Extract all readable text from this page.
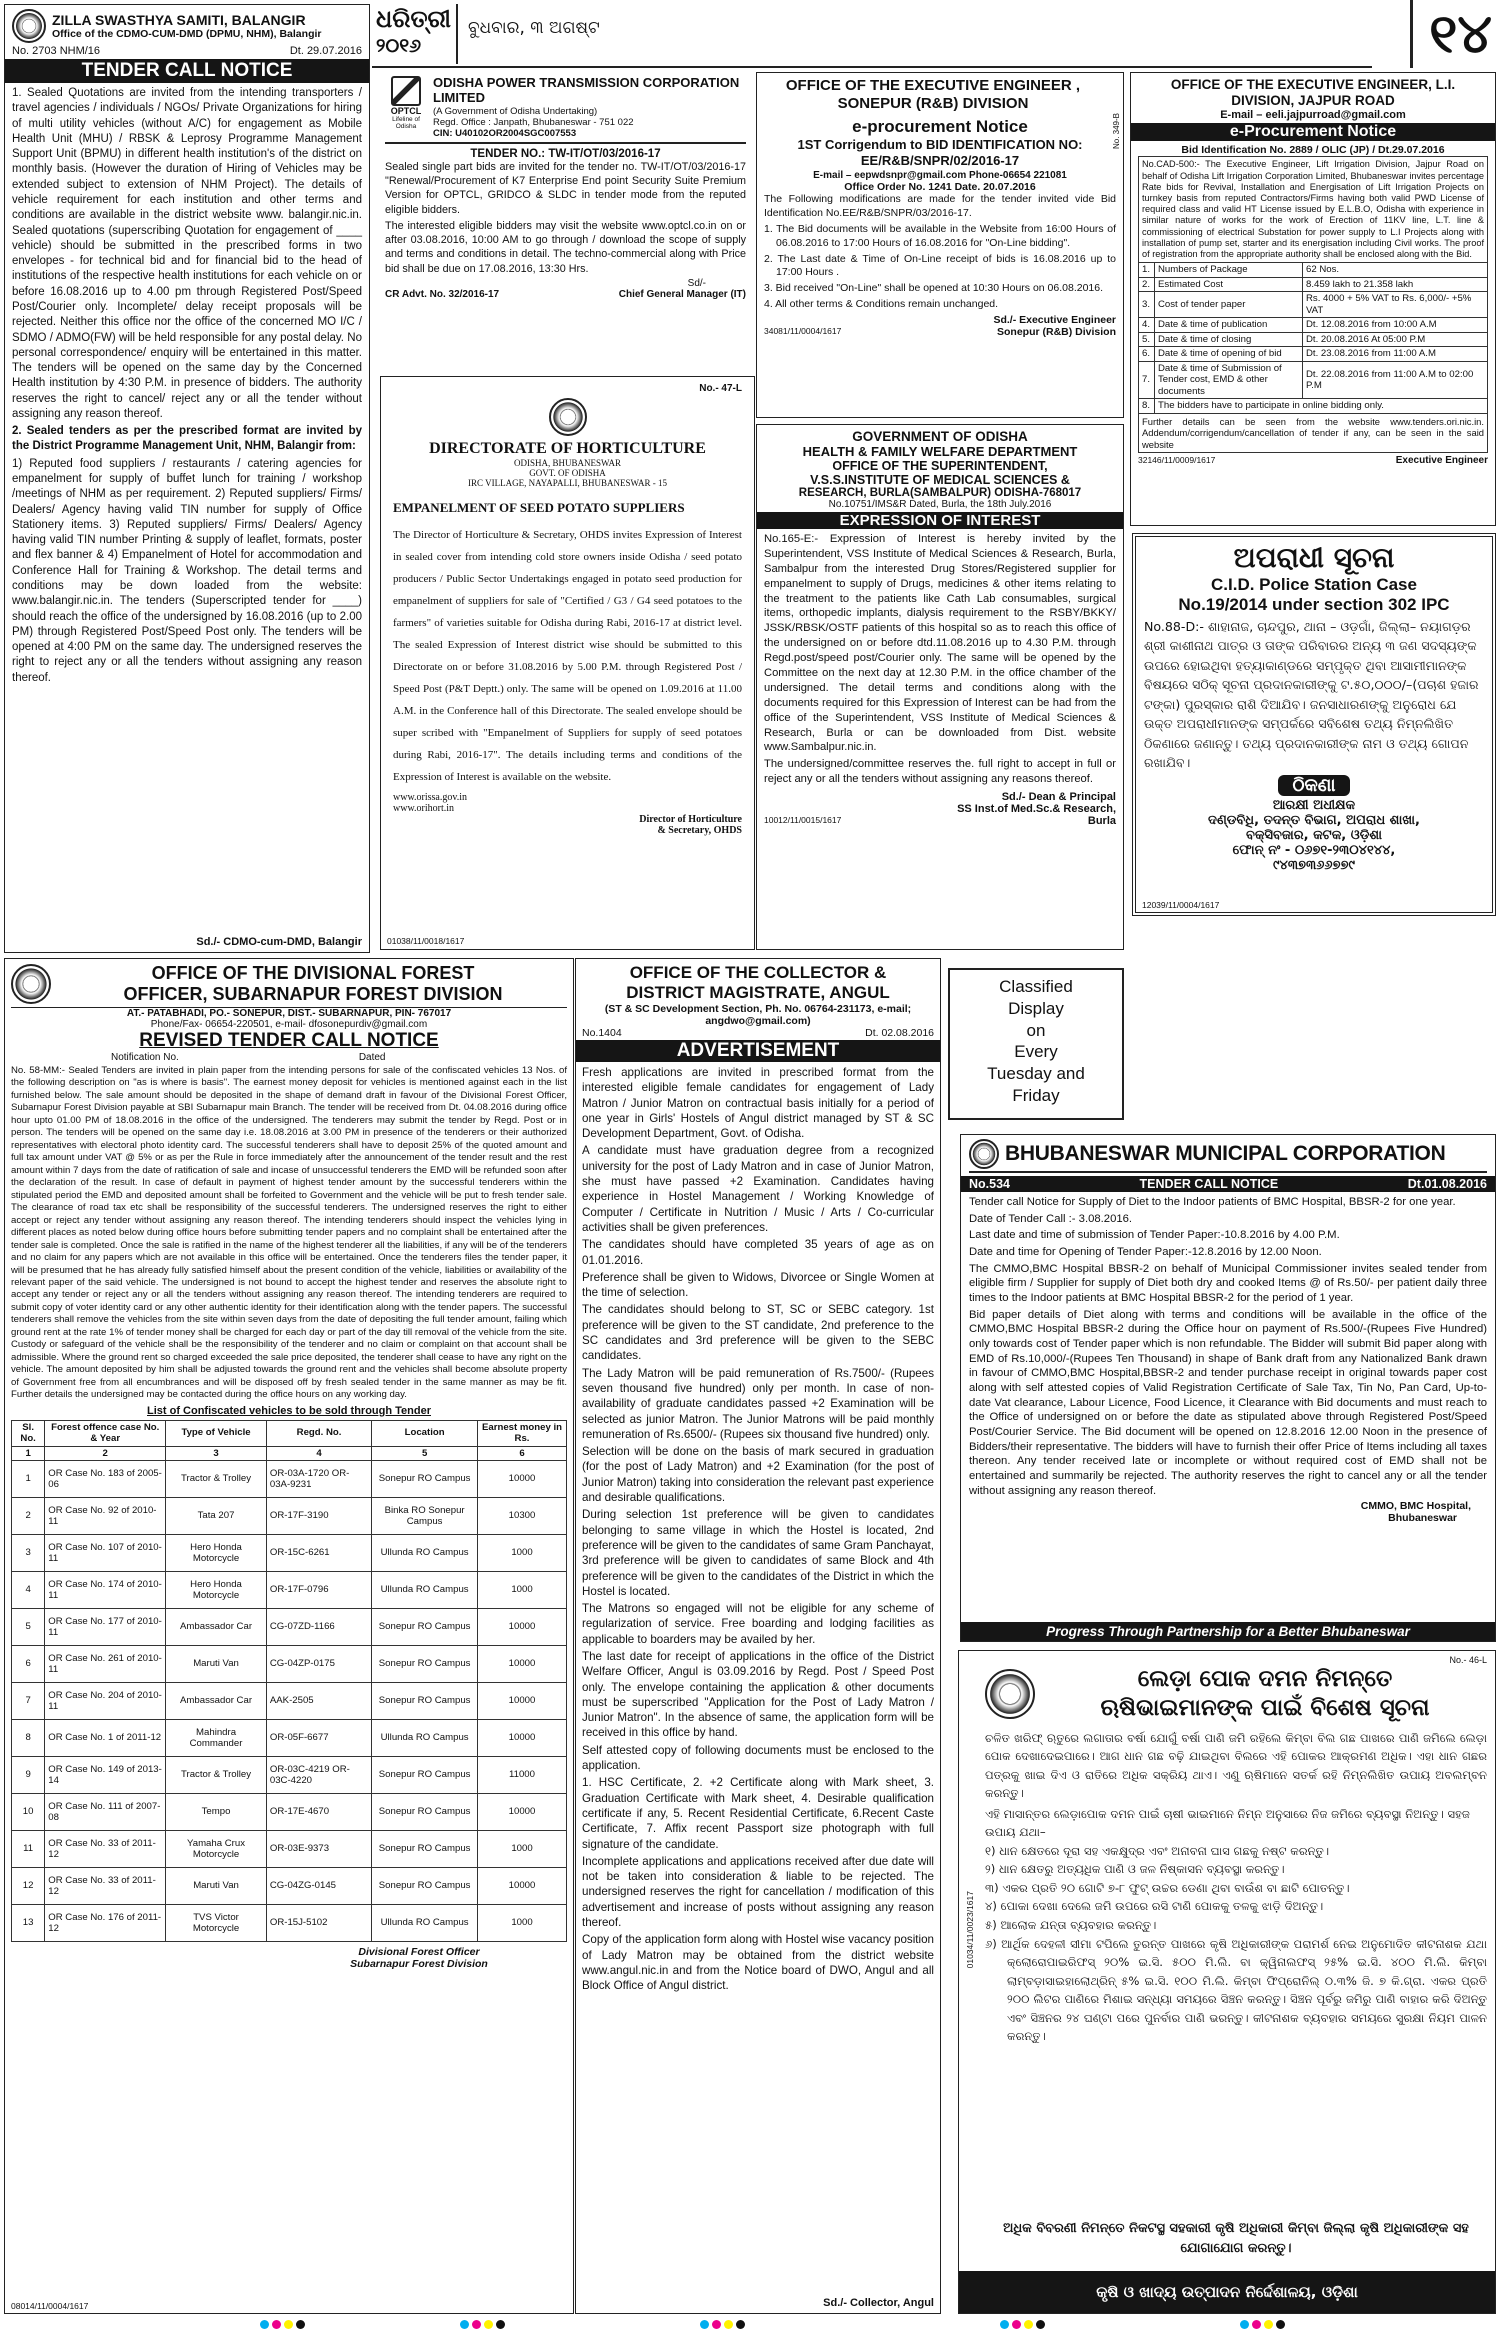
ଧରିତ୍ରୀ
୨୦୧୬
ବୁଧବାର, ୩ ଅଗଷ୍ଟ	୧୪
ZILLA SWASTHYA SAMITI, BALANGIR
Office of the CDMO-CUM-DMD (DPMU, NHM), Balangir
No. 2703 NHM/16	Dt. 29.07.2016
TENDER CALL NOTICE
1. Sealed Quotations are invited from the intending transporters / travel agencies / individuals / NGOs/ Private Organizations for hiring of multi utility vehicles (without A/C) for engagement as Mobile Health Unit (MHU) / RBSK & Leprosy Programme Management Support Unit (BPMU) in different health institution's of the district on monthly basis. (However the duration of Hiring of Vehicles may be extended subject to extension of NHM Project). The details of vehicle requirement for each institution and other terms and conditions are available in the district website www. balangir.nic.in. Sealed quotations (superscribing Quotation for engagement of ____ vehicle) should be submitted in the prescribed forms in two envelopes - for technical bid and for financial bid to the head of institutions of the respective health institutions for each vehicle on or before 16.08.2016 up to 4.00 pm through Registered Post/Speed Post/Courier only. Incomplete/ delay receipt proposals will be rejected. Neither this office nor the office of the concerned MO I/C / SDMO / ADMO(FW) will be held responsible for any postal delay. No personal correspondence/ enquiry will be entertained in this matter. The tenders will be opened on the same day by the Concerned Health institution by 4:30 P.M. in presence of bidders. The authority reserves the right to cancel/ reject any or all the tender without assigning any reason thereof.
2. Sealed tenders as per the prescribed format are invited by the District Programme Management Unit, NHM, Balangir from:
1) Reputed food suppliers / restaurants / catering agencies for empanelment for supply of buffet lunch for training / workshop /meetings of NHM as per requirement. 2) Reputed suppliers/ Firms/ Dealers/ Agency having valid TIN number for supply of Office Stationery items. 3) Reputed suppliers/ Firms/ Dealers/ Agency having valid TIN number Printing & supply of leaflet, formats, poster and flex banner & 4) Empanelment of Hotel for accommodation and Conference Hall for Training & Workshop. The detail terms and conditions may be down loaded from the website: www.balangir.nic.in. The tenders (Superscripted tender for ____) should reach the office of the undersigned by 16.08.2016 (up to 2.00 PM) through Registered Post/Speed Post only. The tenders will be opened at 4:00 PM on the same day. The undersigned reserves the right to reject any or all the tenders without assigning any reason thereof.
Sd./- CDMO-cum-DMD, Balangir
OPTCL
Lifeline of Odisha
ODISHA POWER TRANSMISSION CORPORATION LIMITED
(A Government of Odisha Undertaking)
Regd. Office : Janpath, Bhubaneswar - 751 022
CIN: U40102OR2004SGC007553
TENDER NO.: TW-IT/OT/03/2016-17
Sealed single part bids are invited for the tender no. TW-IT/OT/03/2016-17 "Renewal/Procurement of K7 Enterprise End point Security Suite Premium Version for OPTCL, GRIDCO & SLDC in tender mode from the reputed eligible bidders.
The interested eligible bidders may visit the website www.optcl.co.in on or after 03.08.2016, 10:00 AM to go through / download the scope of supply and terms and conditions in detail. The techno-commercial along with Price bid shall be due on 17.08.2016, 13:30 Hrs.
Sd/-
CR Advt. No. 32/2016-17	Chief General Manager (IT)
No.- 47-L
DIRECTORATE OF HORTICULTURE
ODISHA, BHUBANESWAR
GOVT. OF ODISHA
IRC VILLAGE, NAYAPALLI, BHUBANESWAR - 15
EMPANELMENT OF SEED POTATO SUPPLIERS
The Director of Horticulture & Secretary, OHDS invites Expression of Interest in sealed cover from intending cold store owners inside Odisha / seed potato producers / Public Sector Undertakings engaged in potato seed production for empanelment of suppliers for sale of "Certified / G3 / G4 seed potatoes to the farmers" of varieties suitable for Odisha during Rabi, 2016-17 at district level. The sealed Expression of Interest district wise should be submitted to this Directorate on or before 31.08.2016 by 5.00 P.M. through Registered Post / Speed Post (P&T Deptt.) only. The same will be opened on 1.09.2016 at 11.00 A.M. in the Conference hall of this Directorate. The sealed envelope should be super scribed with "Empanelment of Suppliers for supply of seed potatoes during Rabi, 2016-17". The details including terms and conditions of the Expression of Interest is available on the website.
www.orissa.gov.in
www.orihort.in
Director of Horticulture
& Secretary, OHDS
01038/11/0018/1617
OFFICE OF THE EXECUTIVE ENGINEER , SONEPUR (R&B) DIVISION
No. 349-B
e-procurement Notice
1ST Corrigendum to BID IDENTIFICATION NO: EE/R&B/SNPR/02/2016-17
E-mail – eepwdsnpr@gmail.com Phone-06654 221081
Office Order No. 1241 Date. 20.07.2016
The Following modifications are made for the tender invited vide Bid Identification No.EE/R&B/SNPR/03/2016-17.
1. The Bid documents will be available in the Website from 16:00 Hours of 06.08.2016 to 17:00 Hours of 16.08.2016 for "On-Line bidding".
2. The Last date & Time of On-Line receipt of bids is 16.08.2016 up to 17:00 Hours .
3. Bid received "On-Line" shall be opened at 10:30 Hours on 06.08.2016.
4. All other terms & Conditions remain unchanged.
Sd./- Executive Engineer
34081/11/0004/1617	Sonepur (R&B) Division
GOVERNMENT OF ODISHA
HEALTH & FAMILY WELFARE DEPARTMENT
OFFICE OF THE SUPERINTENDENT,
V.S.S.INSTITUTE OF MEDICAL SCIENCES &
RESEARCH, BURLA(SAMBALPUR) ODISHA-768017
No.10751/IMS&R Dated, Burla, the 18th July.2016
EXPRESSION OF INTEREST
No.165-E:- Expression of Interest is hereby invited by the Superintendent, VSS Institute of Medical Sciences & Research, Burla, Sambalpur from the interested Drug Stores/Registered supplier for empanelment to supply of Drugs, medicines & other items relating to the treatment to the patients like Cath Lab consumables, surgical items, orthopedic implants, dialysis requirement to the RSBY/BKKY/ JSSK/RBSK/OSTF patients of this hospital so as to reach this office of the undersigned on or before dtd.11.08.2016 up to 4.30 P.M. through Regd.post/speed post/Courier only. The same will be opened by the Committee on the next day at 12.30 P.M. in the office chamber of the undersigned. The detail terms and conditions along with the documents required for this Expression of Interest can be had from the office of the Superintendent, VSS Institute of Medical Sciences & Research, Burla or can be downloaded from Dist. website www.Sambalpur.nic.in.
The undersigned/committee reserves the. full right to accept in full or reject any or all the tenders without assigning any reasons thereof.
Sd./- Dean & Principal
SS Inst.of Med.Sc.& Research,
10012/11/0015/1617	Burla
OFFICE OF THE EXECUTIVE ENGINEER, L.I. DIVISION, JAJPUR ROAD
E-mail – eeli.jajpurroad@gmail.com
e-Procurement Notice
Bid Identification No. 2889 / OLIC (JP) / Dt.29.07.2016
No.CAD-500:- The Executive Engineer, Lift Irrigation Division, Jajpur Road on behalf of Odisha Lift Irrigation Corporation Limited, Bhubaneswar invites percentage Rate bids for Revival, Installation and Energisation of Lift Irrigation Projects on turnkey basis from reputed Contractors/Firms having both valid PWD License of required class and valid HT License issued by E.L.B.O, Odisha with experience in similar nature of works for the work of Erection of 11KV line, L.T. line & commissioning of electrical Substation for power supply to L.I Projects along with installation of pump set, starter and its energisation including Civil works. The proof of registration from the appropriate authority shall be enclosed along with the Bid.
1.	Numbers of Package	62 Nos.
2.	Estimated Cost	8.459 lakh to 21.358 lakh
3.	Cost of tender paper	Rs. 4000 + 5% VAT to Rs. 6,000/- +5% VAT
4.	Date & time of publication	Dt. 12.08.2016 from 10:00 A.M
5.	Date & time of closing	Dt. 20.08.2016 At 05:00 P.M
6.	Date & time of opening of bid	Dt. 23.08.2016 from 11:00 A.M
7.	Date & time of Submission of Tender cost, EMD & other documents	Dt. 22.08.2016 from 11:00 A.M to 02:00 P.M
8.	The bidders have to participate in online bidding only.	
Further details can be seen from the website www.tenders.ori.nic.in. Addendum/corrigendum/cancellation of tender if any, can be seen in the said website
32146/11/0009/1617	Executive Engineer
ଅପରାଧୀ ସୂଚନା
C.I.D. Police Station Case
No.19/2014 under section 302 IPC
No.88-D:- ଶାହାନାଜ, ଚାନ୍ଦପୁର, ଥାନା – ଓଡ଼ଗାଁ, ଜିଲ୍ଲା– ନୟାଗଡ଼ର ଶ୍ରୀ କାଶୀନାଥ ପାତ୍ର ଓ ତାଙ୍କ ପରିବାରର ଅନ୍ୟ ୩ ଜଣ ସଦସ୍ୟଙ୍କ ଉପରେ ହୋଇଥିବା ହତ୍ୟାକାଣ୍ଡରେ ସମ୍ପୃକ୍ତ ଥିବା ଆସାମୀମାନଙ୍କ ବିଷୟରେ ସଠିକ୍ ସୂଚନା ପ୍ରଦାନକାରୀଙ୍କୁ ଟ.୫୦,୦୦୦/–(ପଚାଶ ହଜାର ଟଙ୍କା) ପୁରସ୍କାର ରାଶି ଦିଆଯିବ। ଜନସାଧାରଣଙ୍କୁ ଅନୁରୋଧ ଯେ ଉକ୍ତ ଅପରାଧୀମାନଙ୍କ ସମ୍ପର୍କରେ ସବିଶେଷ ତଥ୍ୟ ନିମ୍ନଲିଖିତ ଠିକଣାରେ ଜଣାନ୍ତୁ। ତଥ୍ୟ ପ୍ରଦାନକାରୀଙ୍କ ନାମ ଓ ତଥ୍ୟ ଗୋପନ ରଖାଯିବ।
ଠିକଣା
ଆରକ୍ଷୀ ଅଧୀକ୍ଷକ
ଦଣ୍ଡବିଧି, ତଦନ୍ତ ବିଭାଗ, ଅପରାଧ ଶାଖା,
ବକ୍ସିବଜାର, କଟକ, ଓଡ଼ିଶା
ଫୋନ୍ ନଂ - ୦୬୭୧-୨୩୦୪୧୪୪,
୯୪୩୭୩୬୬୭୭୯
12039/11/0004/1617
OFFICE OF THE DIVISIONAL FOREST
OFFICER, SUBARNAPUR FOREST DIVISION
AT.- PATABHADI, PO.- SONEPUR, DIST.- SUBARNAPUR, PIN- 767017
Phone/Fax- 06654-220501, e-mail- dfosonepurdiv@gmail.com
REVISED TENDER CALL NOTICE
Notification No.	Dated
No. 58-MM:- Sealed Tenders are invited in plain paper from the intending persons for sale of the confiscated vehicles 13 Nos. of the following description on "as is where is basis". The earnest money deposit for vehicles is mentioned against each in the list furnished below. The sale amount should be deposited in the shape of demand draft in favour of the Divisional Forest Officer, Subarnapur Forest Division payable at SBI Subarnapur main Branch. The tender will be received from Dt. 04.08.2016 during office hour upto 01.00 PM of 18.08.2016 in the office of the undersigned. The tenderers may submit the tender by Regd. Post or in person. The tenders will be opened on the same day i.e. 18.08.2016 at 3.00 PM in presence of the tenderers or their authorized representatives with electoral photo identity card. The successful tenderers shall have to deposit 25% of the quoted amount and full tax amount under VAT @ 5% or as per the Rule in force immediately after the announcement of the tender result and the rest amount within 7 days from the date of ratification of sale and incase of unsuccessful tenderers the EMD will be refunded soon after the declaration of the result. In case of default in payment of highest tender amount by the successful tenderers within the stipulated period the EMD and deposited amount shall be forfeited to Government and the vehicle will be put to fresh tender sale. The clearance of road tax etc shall be responsibility of the successful tenderers. The undersigned reserves the right to either accept or reject any tender without assigning any reason thereof. The intending tenderers should inspect the vehicles lying in different places as noted below during office hours before submitting tender papers and no complaint shall be entertained after the tender sale is completed. Once the sale is ratified in the name of the highest tenderer all the liabilities, if any will be of the tenderers and no claim for any papers which are not available in this office will be entertained. Once the tenderers files the tender paper, it will be presumed that he has already fully satisfied himself about the present condition of the vehicle, liabilities or availability of the relevant paper of the said vehicle. The undersigned is not bound to accept the highest tender and reserves the absolute right to accept any tender or reject any or all the tenders without assigning any reason thereof. The intending tenderers are required to submit copy of voter identity card or any other authentic identity for their identification along with the tender papers. The successful tenderers shall remove the vehicles from the site within seven days from the date of depositing the full tender amount, failing which ground rent at the rate 1% of tender money shall be charged for each day or part of the day till removal of the vehicle from the site. Custody or safeguard of the vehicle shall be the responsibility of the tenderer and no claim or complaint on that account shall be admissible. Where the ground rent so charged exceeded the sale price deposited, the tenderer shall cease to have any right on the vehicle. The amount deposited by him shall be adjusted towards the ground rent and the vehicles shall become absolute property of Government free from all encumbrances and will be disposed off by fresh sealed tender in the same manner as may be fit. Further details the undersigned may be contacted during the office hours on any working day.
List of Confiscated vehicles to be sold through Tender
Sl. No.	Forest offence case No. & Year	Type of Vehicle	Regd. No.	Location	Earnest money in Rs.
1	2	3	4	5	6
1	OR Case No. 183 of 2005-06	Tractor & Trolley	OR-03A-1720 OR-03A-9231	Sonepur RO Campus	10000
2	OR Case No. 92 of 2010-11	Tata 207	OR-17F-3190	Binka RO Sonepur Campus	10300
3	OR Case No. 107 of 2010-11	Hero Honda Motorcycle	OR-15C-6261	Ullunda RO Campus	1000
4	OR Case No. 174 of 2010-11	Hero Honda Motorcycle	OR-17F-0796	Ullunda RO Campus	1000
5	OR Case No. 177 of 2010-11	Ambassador Car	CG-07ZD-1166	Sonepur RO Campus	10000
6	OR Case No. 261 of 2010-11	Maruti Van	CG-04ZP-0175	Sonepur RO Campus	10000
7	OR Case No. 204 of 2010-11	Ambassador Car	AAK-2505	Sonepur RO Campus	10000
8	OR Case No. 1 of 2011-12	Mahindra Commander	OR-05F-6677	Ullunda RO Campus	10000
9	OR Case No. 149 of 2013-14	Tractor & Trolley	OR-03C-4219 OR-03C-4220	Sonepur RO Campus	11000
10	OR Case No. 111 of 2007-08	Tempo	OR-17E-4670	Sonepur RO Campus	10000
11	OR Case No. 33 of 2011-12	Yamaha Crux Motorcycle	OR-03E-9373	Sonepur RO Campus	1000
12	OR Case No. 33 of 2011-12	Maruti Van	CG-04ZG-0145	Sonepur RO Campus	10000
13	OR Case No. 176 of 2011-12	TVS Victor Motorcycle	OR-15J-5102	Ullunda RO Campus	1000
Divisional Forest Officer
Subarnapur Forest Division
08014/11/0004/1617
OFFICE OF THE COLLECTOR &
DISTRICT MAGISTRATE, ANGUL
(ST & SC Development Section, Ph. No. 06764-231173, e-mail; angdwo@gmail.com)
No.1404	Dt. 02.08.2016
ADVERTISEMENT
Fresh applications are invited in prescribed format from the interested eligible female candidates for engagement of Lady Matron / Junior Matron on contractual basis initially for a period of one year in Girls' Hostels of Angul district managed by ST & SC Development Department, Govt. of Odisha.
A candidate must have graduation degree from a recognized university for the post of Lady Matron and in case of Junior Matron, she must have passed +2 Examination. Candidates having experience in Hostel Management / Working Knowledge of Computer / Certificate in Nutrition / Music / Arts / Co-curricular activities shall be given preferences.
The candidates should have completed 35 years of age as on 01.01.2016.
Preference shall be given to Widows, Divorcee or Single Women at the time of selection.
The candidates should belong to ST, SC or SEBC category. 1st preference will be given to the ST candidate, 2nd preference to the SC candidates and 3rd preference will be given to the SEBC candidates.
The Lady Matron will be paid remuneration of Rs.7500/- (Rupees seven thousand five hundred) only per month. In case of non-availability of graduate candidates passed +2 Examination will be selected as junior Matron. The Junior Matrons will be paid monthly remuneration of Rs.6500/- (Rupees six thousand five hundred) only.
Selection will be done on the basis of mark secured in graduation (for the post of Lady Matron) and +2 Examination (for the post of Junior Matron) taking into consideration the relevant past experience and desirable qualifications.
During selection 1st preference will be given to candidates belonging to same village in which the Hostel is located, 2nd preference will be given to the candidates of same Gram Panchayat, 3rd preference will be given to candidates of same Block and 4th preference will be given to the candidates of the District in which the Hostel is located.
The Matrons so engaged will not be eligible for any scheme of regularization of service. Free boarding and lodging facilities as applicable to boarders may be availed by her.
The last date for receipt of applications in the office of the District Welfare Officer, Angul is 03.09.2016 by Regd. Post / Speed Post only. The envelope containing the application & other documents must be superscribed "Application for the Post of Lady Matron / Junior Matron". In the absence of same, the application form will be received in this office by hand.
Self attested copy of following documents must be enclosed to the application.
1. HSC Certificate, 2. +2 Certificate along with Mark sheet, 3. Graduation Certificate with Mark sheet, 4. Desirable qualification certificate if any, 5. Recent Residential Certificate, 6.Recent Caste Certificate, 7. Affix recent Passport size photograph with full signature of the candidate.
Incomplete applications and applications received after due date will not be taken into consideration & liable to be rejected. The undersigned reserves the right for cancellation / modification of this advertisement and increase of posts without assigning any reason thereof.
Copy of the application form along with Hostel wise vacancy position of Lady Matron may be obtained from the district website www.angul.nic.in and from the Notice board of DWO, Angul and all Block Office of Angul district.
Sd./- Collector, Angul
Classified
Display
on
Every
Tuesday and
Friday
BHUBANESWAR MUNICIPAL CORPORATION
No.534	TENDER CALL NOTICE	Dt.01.08.2016
Tender call Notice for Supply of Diet to the Indoor patients of BMC Hospital, BBSR-2 for one year.
Date of Tender Call :- 3.08.2016.
Last date and time of submission of Tender Paper:-10.8.2016 by 4.00 P.M.
Date and time for Opening of Tender Paper:-12.8.2016 by 12.00 Noon.
The CMMO,BMC Hospital BBSR-2 on behalf of Municipal Commissioner invites sealed tender from eligible firm / Supplier for supply of Diet both dry and cooked Items @ of Rs.50/- per patient daily three times to the Indoor patients at BMC Hospital BBSR-2 for the period of 1 year.
Bid paper details of Diet along with terms and conditions will be available in the office of the CMMO,BMC Hospital BBSR-2 during the Office hour on payment of Rs.500/-(Rupees Five Hundred) only towards cost of Tender paper which is non refundable. The Bidder will submit Bid paper along with EMD of Rs.10,000/-(Rupees Ten Thousand) in shape of Bank draft from any Nationalized Bank drawn in favour of CMMO,BMC Hospital,BBSR-2 and tender purchase receipt in original towards paper cost along with self attested copies of Valid Registration Certificate of Sale Tax, Tin No, Pan Card, Up-to-date Vat clearance, Labour Licence, Food Licence, it Clearance with Bid documents and must reach to the Office of undersigned on or before the date as stipulated above through Registered Post/Speed Post/Courier Service. The Bid document will be opened on 12.8.2016 12.00 Noon in the presence of Bidders/their representative. The bidders will have to furnish their offer Price of Items including all taxes thereon. Any tender received late or incomplete or without required cost of EMD shall not be entertained and summarily be rejected. The authority reserves the right to cancel any or all the tender without assigning any reason thereof.
CMMO, BMC Hospital,
Bhubaneswar
Progress Through Partnership for a Better Bhubaneswar
No.- 46-L
ଲେଡ଼ା ପୋକ ଦମନ ନିମନ୍ତେ
ଋଷିଭାଇମାନଙ୍କ ପାଇଁ ବିଶେଷ ସୂଚନା
ଚଳିତ ଖରିଫ୍ ଋତୁରେ ଲଗାତାର ବର୍ଷା ଯୋଗୁଁ ବର୍ଷା ପାଣି ଜମି ରହିଲେ କିମ୍ବା ବିଲ ଗଛ ପାଖରେ ପାଣି ଜମିଲେ ଲେଡ଼ା ପୋକ ଦେଖାଦେଇପାରେ। ଆଗ ଧାନ ଗଛ ବଢ଼ି ଯାଇଥିବା ବିଲରେ ଏହି ପୋକର ଆକ୍ରମଣ ଅଧିକ। ଏହା ଧାନ ଗଛର ପତ୍ରକୁ ଖାଇ ଦିଏ ଓ ରାତିରେ ଅଧିକ ସକ୍ରିୟ ଥାଏ। ଏଣୁ ଋଷିମାନେ ସତର୍କ ରହି ନିମ୍ନଲିଖିତ ଉପାୟ ଅବଲମ୍ବନ କରନ୍ତୁ।
ଏହି ମାସାନ୍ତର ଲେଡ଼ାପୋକ ଦମନ ପାଇଁ ଚାଷୀ ଭାଇମାନେ ନିମ୍ନ ଅନୁସାରେ ନିଜ ଜମିରେ ବ୍ୟବସ୍ଥା ନିଅନ୍ତୁ। ସହଜ ଉପାୟ ଯଥା–
୧) ଧାନ କ୍ଷେତରେ ଦୂରା ସହ ଏକକ୍ଷୁଦ୍ର ଏବଂ ଅନାବନା ଘାସ ଗଛକୁ ନଷ୍ଟ କରନ୍ତୁ।
୨) ଧାନ କ୍ଷେତରୁ ଅତ୍ୟଧିକ ପାଣି ଓ ଜଳ ନିଷ୍କାସନ ବ୍ୟବସ୍ଥା କରନ୍ତୁ।
୩) ଏକର ପ୍ରତି ୨୦ ଗୋଟି ୭-୮ ଫୁଟ୍ ଉଚ୍ଚର ଡେଣା ଥିବା ବାଉଁଶ ବା ଛାଟି ପୋତନ୍ତୁ।
୪) ପୋକା ଦେଖା ଦେଲେ ଜମି ଉପରେ ରସି ଟାଣି ପୋକକୁ ତଳକୁ ଝାଡ଼ି ଦିଅନ୍ତୁ।
୫) ଆଲୋକ ଯନ୍ତା ବ୍ୟବହାର କରନ୍ତୁ।
୬) ଆର୍ଥିକ ଦେହଳୀ ସୀମା ଟପିଲେ ତୁରନ୍ତ ପାଖରେ କୃଷି ଅଧିକାରୀଙ୍କ ପରାମର୍ଶ ନେଇ ଅନୁମୋଦିତ କୀଟନାଶକ ଯଥା କ୍ଲୋରୋପାଇରିଫସ୍ ୨୦% ଇ.ସି. ୫୦୦ ମି.ଲି. ବା କ୍ୱିନାଲଫସ୍ ୨୫% ଇ.ସି. ୪୦୦ ମି.ଲି. କିମ୍ବା ଲାମ୍ବଡ଼ାସାଇହାଲୋଥ୍ରିନ୍ ୫% ଇ.ସି. ୧୦୦ ମି.ଲି. କିମ୍ବା ଫିପ୍ରୋନିଲ୍ ୦.୩% ଜି. ୭ କି.ଗ୍ରା. ଏକର ପ୍ରତି ୨୦୦ ଲିଟର ପାଣିରେ ମିଶାଇ ସନ୍ଧ୍ୟା ସମୟରେ ସିଞ୍ଚନ କରନ୍ତୁ। ସିଞ୍ଚନ ପୂର୍ବରୁ ଜମିରୁ ପାଣି ବାହାର କରି ଦିଅନ୍ତୁ ଏବଂ ସିଞ୍ଚନର ୨୪ ଘଣ୍ଟା ପରେ ପୁନର୍ବାର ପାଣି ଭରନ୍ତୁ। କୀଟନାଶକ ବ୍ୟବହାର ସମୟରେ ସୁରକ୍ଷା ନିୟମ ପାଳନ କରନ୍ତୁ।
01034/11/0023/1617
ଅଧିକ ବିବରଣୀ ନିମନ୍ତେ ନିକଟସ୍ଥ ସହକାରୀ କୃଷି ଅଧିକାରୀ କିମ୍ବା ଜିଲ୍ଲା କୃଷି ଅଧିକାରୀଙ୍କ ସହ ଯୋଗାଯୋଗ କରନ୍ତୁ।
କୃଷି ଓ ଖାଦ୍ୟ ଉତ୍ପାଦନ ନିର୍ଦ୍ଦେଶାଳୟ, ଓଡ଼ିଶା
